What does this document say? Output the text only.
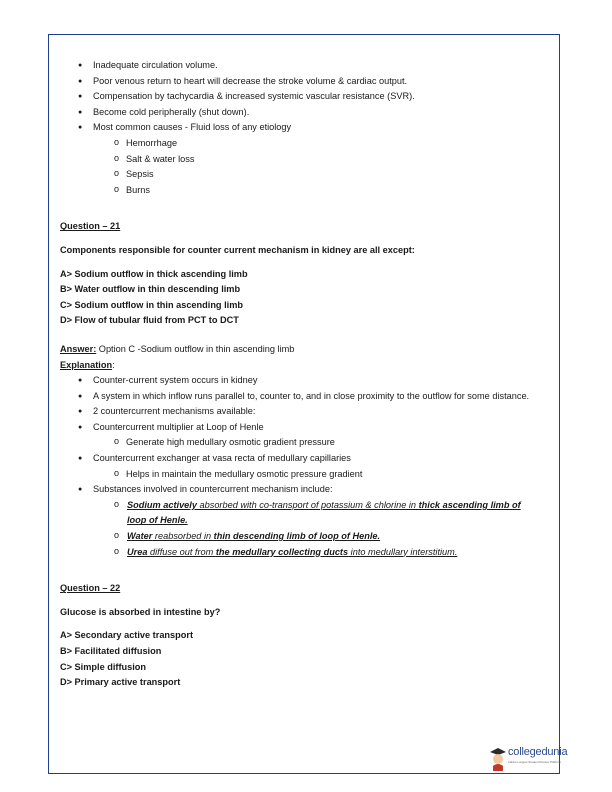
● Inadequate circulation volume.
● Poor venous return to heart will decrease the stroke volume & cardiac output.
● Compensation by tachycardia & increased systemic vascular resistance (SVR).
● Become cold peripherally (shut down).
● Most common causes - Fluid loss of any etiology
o Hemorrhage
o Salt & water loss
o Sepsis
o Burns
Question – 21
Components responsible for counter current mechanism in kidney are all except:
A> Sodium outflow in thick ascending limb
B> Water outflow in thin descending limb
C> Sodium outflow in thin ascending limb
D> Flow of tubular fluid from PCT to DCT
Answer: Option C -Sodium outflow in thin ascending limb
Explanation:
● Counter-current system occurs in kidney
● A system in which inflow runs parallel to, counter to, and in close proximity to the outflow for some distance.
● 2 countercurrent mechanisms available:
● Countercurrent multiplier at Loop of Henle
o Generate high medullary osmotic gradient pressure
● Countercurrent exchanger at vasa recta of medullary capillaries
o Helps in maintain the medullary osmotic pressure gradient
● Substances involved in countercurrent mechanism include:
o Sodium actively absorbed with co-transport of potassium & chlorine in thick ascending limb of loop of Henle.
o Water reabsorbed in thin descending limb of loop of Henle.
o Urea diffuse out from the medullary collecting ducts into medullary interstitium.
Question – 22
Glucose is absorbed in intestine by?
A> Secondary active transport
B> Facilitated diffusion
C> Simple diffusion
D> Primary active transport
collegedunia
India's Largest Student Review Platform
